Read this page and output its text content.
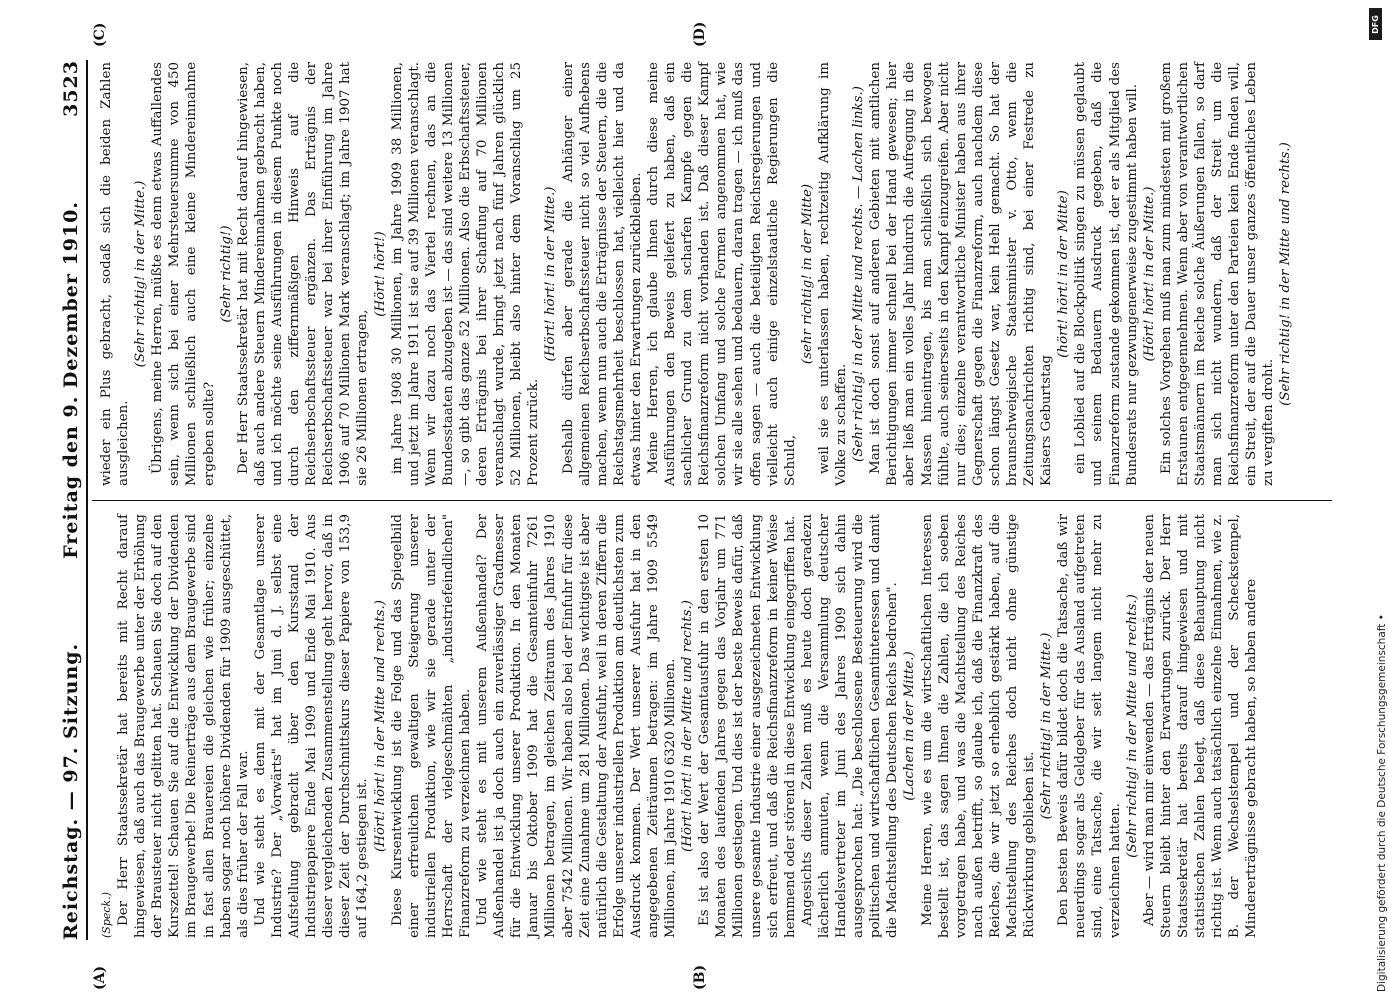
Reichstag. — 97. Sitzung.
Freitag den 9. Dezember 1910.
3523
(A)	(B)
(C)	(D)

(Speck.) Der Herr Staatssekretär hat bereits mit Recht darauf hingewiesen, daß auch das Braugewerbe unter der Erhöhung der Brausteuer nicht gelitten hat. Schauen Sie doch auf den Kurszettel! Schauen Sie auf die Entwicklung der Dividenden im Braugewerbe! Die Reinerträge aus dem Braugewerbe sind in fast allen Brauereien die gleichen wie früher; einzelne haben sogar noch höhere Dividenden für 1909 ausgeschüttet, als dies früher der Fall war. Und wie steht es denn mit der Gesamtlage unserer Industrie? Der „Vorwärts" hat im Juni d. J. selbst eine Aufstellung gebracht über den Kursstand der Industriepapiere Ende Mai 1909 und Ende Mai 1910. Aus dieser vergleichenden Zusammenstellung geht hervor, daß in dieser Zeit der Durchschnittskurs dieser Papiere von 153,9 auf 164,2 gestiegen ist.

(Hört! hört! in der Mitte und rechts.) Diese Kursentwicklung ist die Folge und das Spiegelbild einer erfreulichen gewaltigen Steigerung unserer industriellen Produktion, wie wir sie gerade unter der Herrschaft der vielgeschmähten „industriefeindlichen" Finanzreform zu verzeichnen haben. Und wie steht es mit unserem Außenhandel? Der Außenhandel ist ja doch auch ein zuverlässiger Gradmesser für die Entwicklung unserer Produktion. In den Monaten Januar bis Oktober 1909 hat die Gesamteinfuhr 7261 Millionen betragen, im gleichen Zeitraum des Jahres 1910 aber 7542 Millionen. Wir haben also bei der Einfuhr für diese Zeit eine Zunahme um 281 Millionen. Das wichtigste ist aber natürlich die Gestaltung der Ausfuhr, weil in deren Ziffern die Erfolge unserer industriellen Produktion am deutlichsten zum Ausdruck kommen. Der Wert unserer Ausfuhr hat in den angegebenen Zeiträumen betragen: im Jahre 1909 5549 Millionen, im Jahre 1910 6320 Millionen. (Hört! hört! in der Mitte und rechts.) Es ist also der Wert der Gesamtausfuhr in den ersten 10 Monaten des laufenden Jahres gegen das Vorjahr um 771 Millionen gestiegen. Und dies ist der beste Beweis dafür, daß unsere gesamte Industrie einer ausgezeichneten Entwicklung sich erfreut, und daß die Reichsfinanzreform in keiner Weise hemmend oder störend in diese Entwicklung eingegriffen hat. Angesichts dieser Zahlen muß es heute doch geradezu lächerlich anmuten, wenn die Versammlung deutscher Handelsvertreter im Juni des Jahres 1909 sich dahin ausgesprochen hat: „Die beschlossene Besteuerung wird die politischen und wirtschaftlichen Gesamtinteressen und damit die Machtstellung des Deutschen Reichs bedrohen". (Lachen in der Mitte.) Meine Herren, wie es um die wirtschaftlichen Interessen bestellt ist, das sagen Ihnen die Zahlen, die ich soeben vorgetragen habe, und was die Machtstellung des Reiches nach außen betrifft, so glaube ich, daß die Finanzkraft des Reiches, die wir jetzt so erheblich gestärkt haben, auf die Machtstellung des Reiches doch nicht ohne günstige Rückwirkung geblieben ist.

(Sehr richtig! in der Mitte.) Den besten Beweis dafür bildet doch die Tatsache, daß wir neuerdings sogar als Geldgeber für das Ausland aufgetreten sind, eine Tatsache, die wir seit langem nicht mehr zu verzeichnen hatten.

(Sehr richtig! in der Mitte und rechts.) Aber — wird man mir einwenden — das Erträgnis der neuen Steuern bleibt hinter den Erwartungen zurück. Der Herr Staatssekretär hat bereits darauf hingewiesen und mit statistischen Zahlen belegt, daß diese Behauptung nicht richtig ist. Wenn auch tatsächlich einzelne Einnahmen, wie z. B. der Wechselstempel und der Scheckstempel, Mindererträgnisse gebracht haben, so haben andere

wieder ein Plus gebracht, sodaß sich die beiden Zahlen ausgleichen.

(Sehr richtig! in der Mitte.) Übrigens, meine Herren, müßte es denn etwas Auffallendes sein, wenn sich bei einer Mehrsteuersumme von 450 Millionen schließlich auch eine kleine Mindereinnahme ergeben sollte?

(Sehr richtig!) Der Herr Staatssekretär hat mit Recht darauf hingewiesen, daß auch andere Steuern Mindereinnahmen gebracht haben, und ich möchte seine Ausführungen in diesem Punkte noch durch den ziffernmäßigen Hinweis auf die Reichserbschaftssteuer ergänzen. Das Erträgnis der Reichserbschaftssteuer war bei ihrer Einführung im Jahre 1906 auf 70 Millionen Mark veranschlagt; im Jahre 1907 hat sie 26 Millionen ertragen,

(Hört! hört!) im Jahre 1908 30 Millionen, im Jahre 1909 38 Millionen, und jetzt im Jahre 1911 ist sie auf 39 Millionen veranschlagt. Wenn wir dazu noch das Viertel rechnen, das an die Bundesstaaten abzugeben ist — das sind weitere 13 Millionen —, so gibt das ganze 52 Millionen. Also die Erbschaftssteuer, deren Erträgnis bei ihrer Schaffung auf 70 Millionen veranschlagt wurde, bringt jetzt nach fünf Jahren glücklich 52 Millionen, bleibt also hinter dem Voranschlag um 25 Prozent zurück.

(Hört! hört! in der Mitte.) Deshalb dürfen aber gerade die Anhänger einer allgemeinen Reichserbschaftssteuer nicht so viel Aufhebens machen, wenn nun auch die Erträgnisse der Steuern, die die Reichstagsmehrheit beschlossen hat, vielleicht hier und da etwas hinter den Erwartungen zurückbleiben. Meine Herren, ich glaube Ihnen durch diese meine Ausführungen den Beweis geliefert zu haben, daß ein sachlicher Grund zu dem scharfen Kampfe gegen die Reichsfinanzreform nicht vorhanden ist. Daß dieser Kampf solchen Umfang und solche Formen angenommen hat, wie wir sie alle sehen und bedauern, daran tragen — ich muß das offen sagen — auch die beteiligten Reichsregierungen und vielleicht auch einige einzelstaatliche Regierungen die Schuld,

(sehr richtig! in der Mitte) weil sie es unterlassen haben, rechtzeitig Aufklärung im Volke zu schaffen. (Sehr richtig! in der Mitte und rechts. — Lachen links.) Man ist doch sonst auf anderen Gebieten mit amtlichen Berichtigungen immer schnell bei der Hand gewesen; hier aber ließ man ein volles Jahr hindurch die Aufregung in die Massen hineintragen, bis man schließlich sich bewogen fühlte, auch seinerseits in den Kampf einzugreifen. Aber nicht nur dies; einzelne verantwortliche Minister haben aus ihrer Gegnerschaft gegen die Finanzreform, auch nachdem diese schon längst Gesetz war, kein Hehl gemacht. So hat der braunschweigische Staatsminister v. Otto, wenn die Zeitungsnachrichten richtig sind, bei einer Festrede zu Kaisers Geburtstag

(hört! hört! in der Mitte) ein Loblied auf die Blockpolitik singen zu müssen geglaubt und seinem Bedauern Ausdruck gegeben, daß die Finanzreform zustande gekommen ist, der er als Mitglied des Bundesrats nur gezwungenerweise zugestimmt haben will. (Hört! hört! in der Mitte.) Ein solches Vorgehen muß man zum mindesten mit großem Erstaunen entgegennehmen. Wenn aber von verantwortlichen Staatsmännern im Reiche solche Äußerungen fallen, so darf man sich nicht wundern, daß der Streit um die Reichsfinanzreform unter den Parteien kein Ende finden will, ein Streit, der auf die Dauer unser ganzes öffentliches Leben zu vergiften droht.

(Sehr richtig! in der Mitte und rechts.)

Digitalisierung gefördert durch die Deutsche Forschungsgemeinschaft •
DFG
